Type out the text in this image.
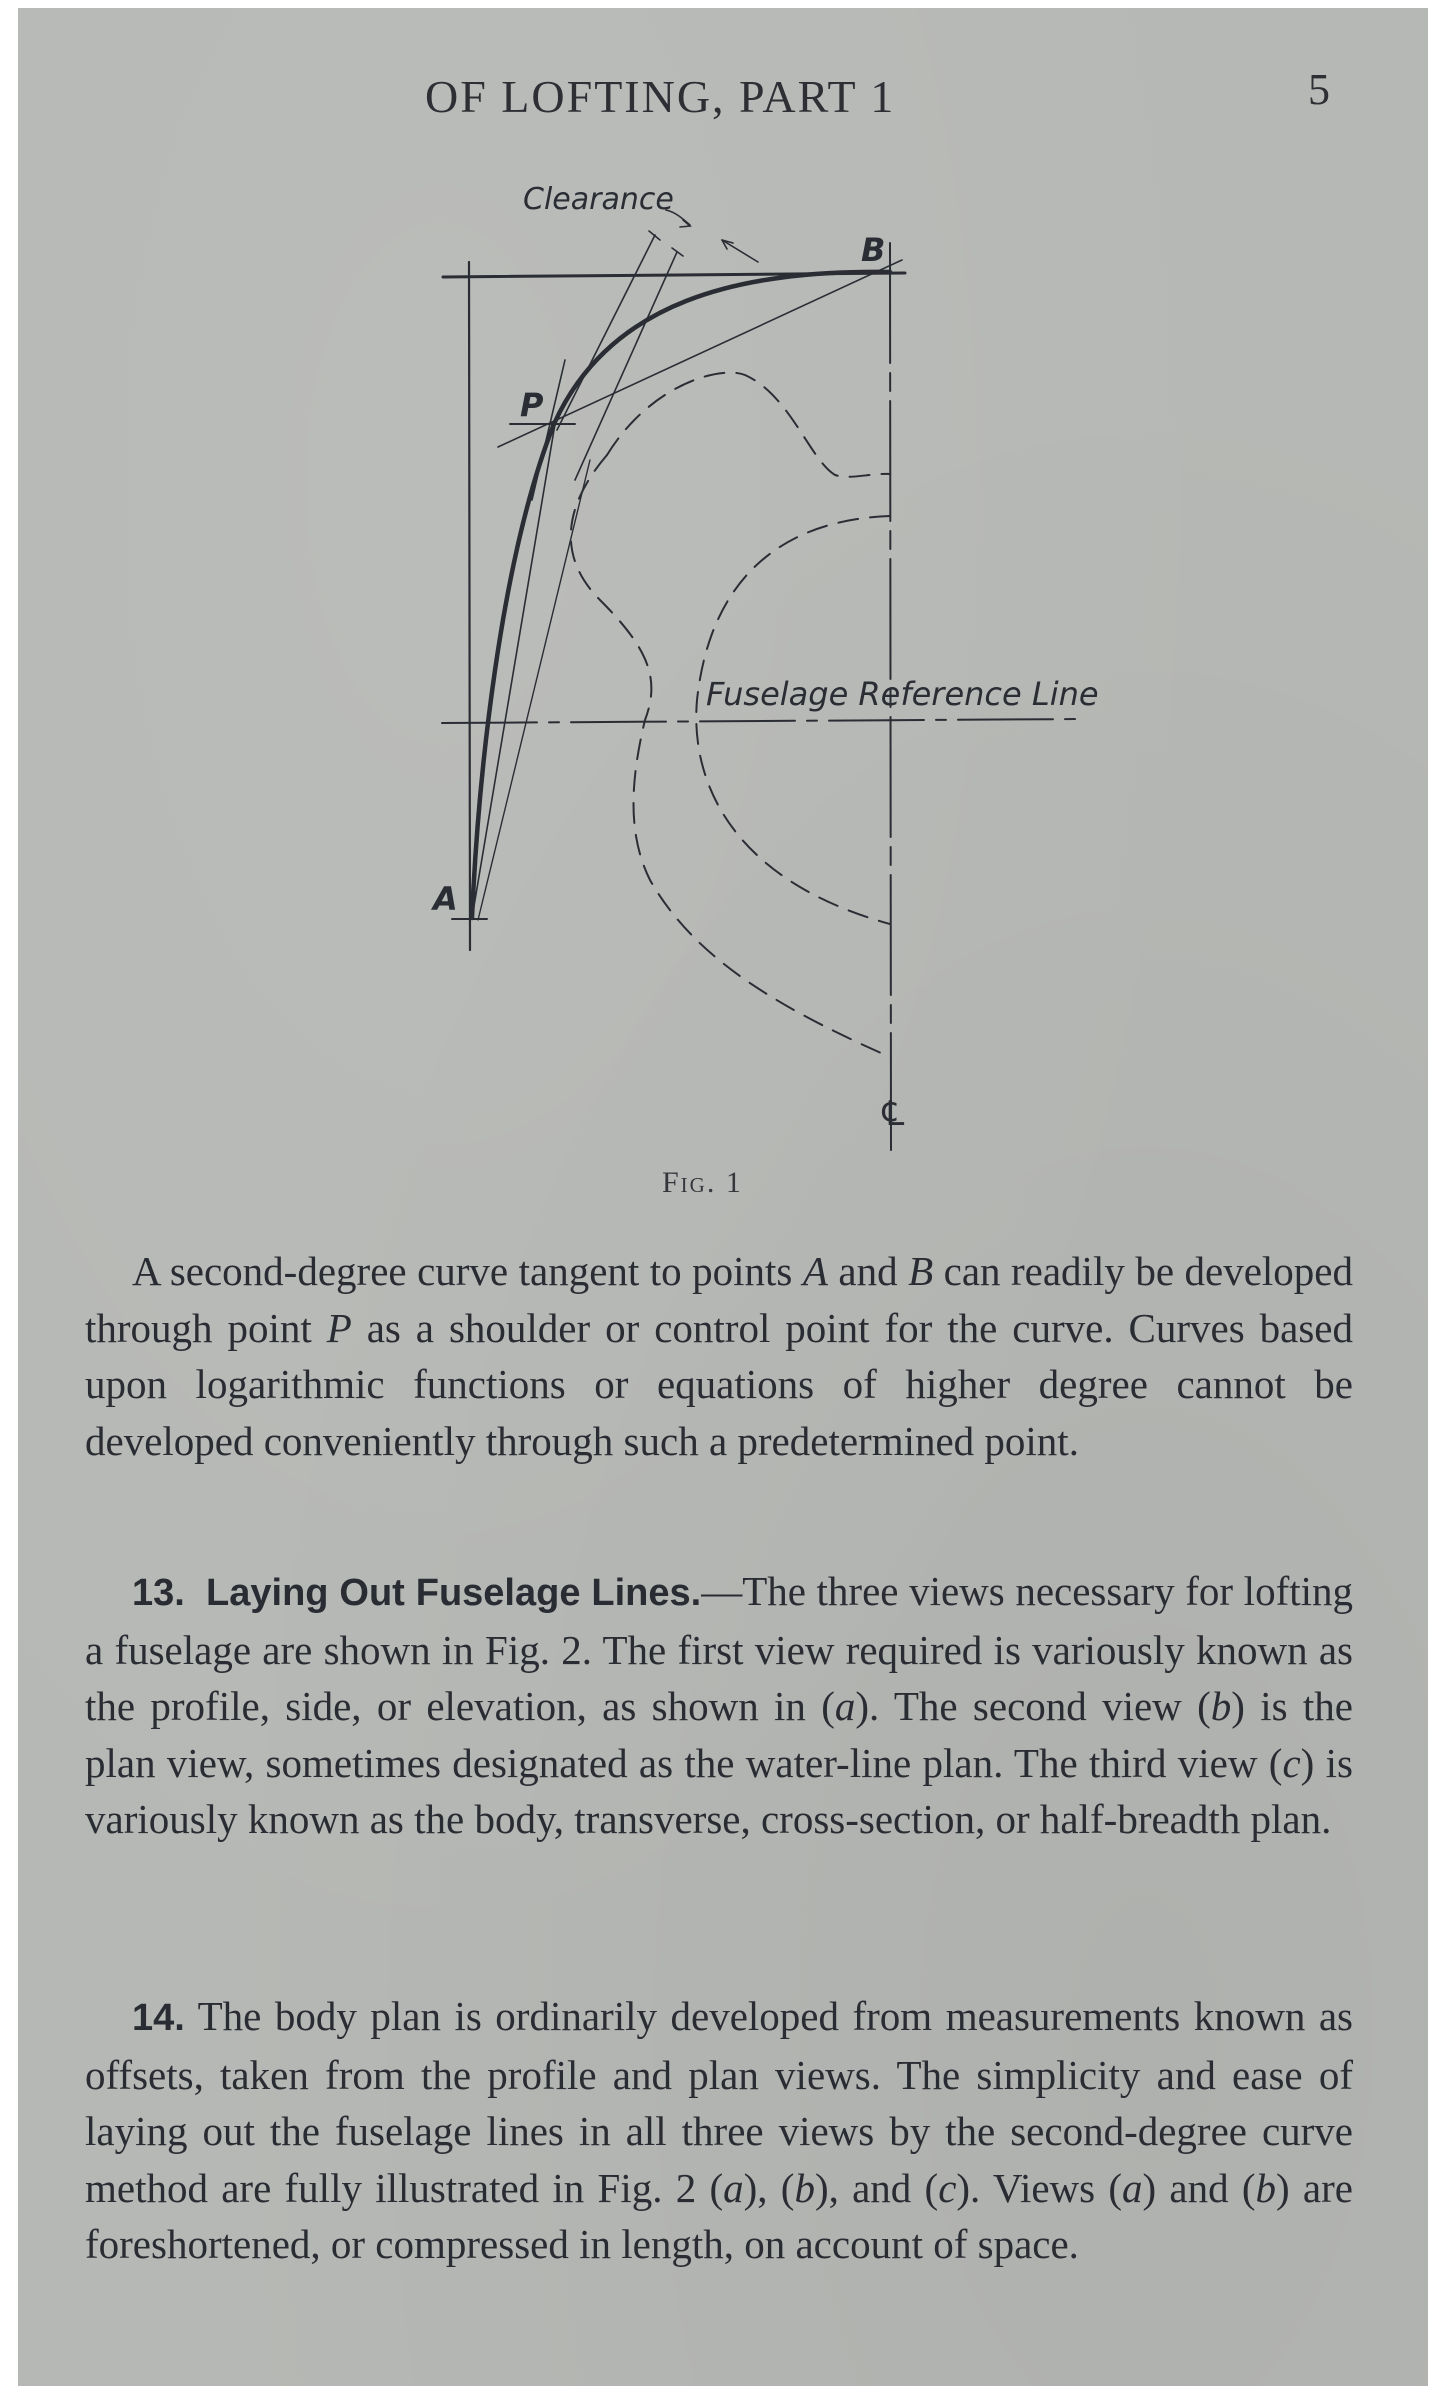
OF LOFTING, PART 1	5
Clearance
Fuselage Reference Line
B
P
A
℄
Fig. 1

A second-degree curve tangent to points A and B can readily be developed through point P as a shoulder or control point for the curve. Curves based upon logarithmic functions or equations of higher degree cannot be developed conveniently through such a predetermined point.

13. Laying Out Fuselage Lines.—The three views necessary for lofting a fuselage are shown in Fig. 2. The first view required is variously known as the profile, side, or elevation, as shown in (a). The second view (b) is the plan view, sometimes designated as the water-line plan. The third view (c) is variously known as the body, transverse, cross-section, or half-breadth plan.

14. The body plan is ordinarily developed from measurements known as offsets, taken from the profile and plan views. The simplicity and ease of laying out the fuselage lines in all three views by the second-degree curve method are fully illustrated in Fig. 2 (a), (b), and (c). Views (a) and (b) are foreshortened, or compressed in length, on account of space.
